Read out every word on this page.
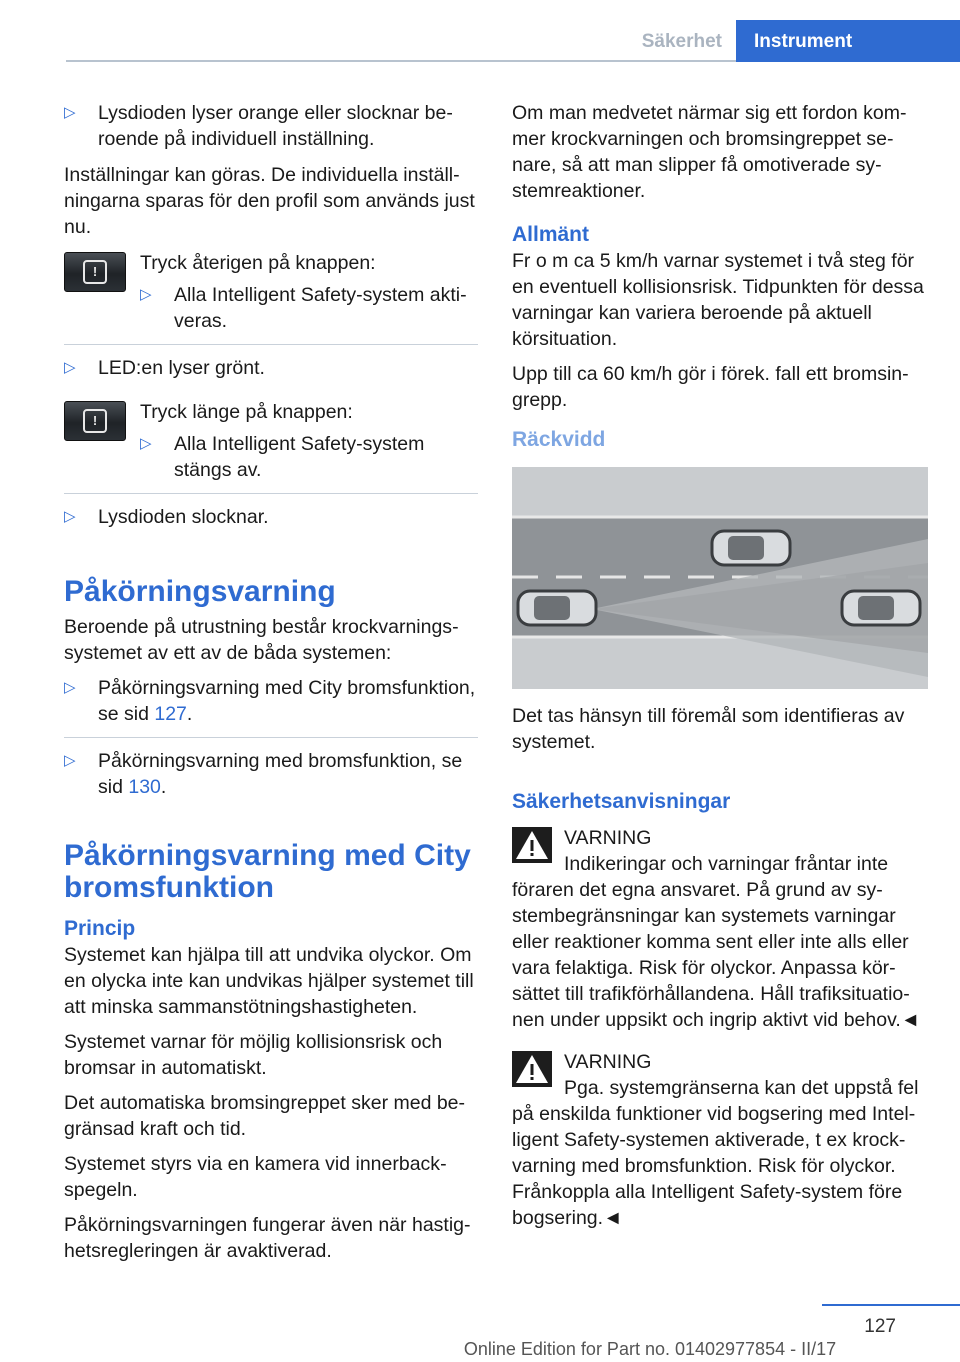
Säkerhet	Instrument
▷ Lysdioden lyser orange eller slocknar beroende på individuell inställning.

Inställningar kan göras. De individuella inställningarna sparas för den profil som används just nu.

!	Tryck återigen på knappen:

▷ Alla Intelligent Safety-system aktiveras.
▷ LED:en lyser grönt.
!	Tryck länge på knappen:

▷ Alla Intelligent Safety-system stängs av.
▷ Lysdioden slocknar.
Påkörningsvarning

Beroende på utrustning består krockvarningssystemet av ett av de båda systemen:

▷ Påkörningsvarning med City bromsfunktion, se sid 127.
▷ Påkörningsvarning med bromsfunktion, se sid 130.
Påkörningsvarning med City bromsfunktion
Princip

Systemet kan hjälpa till att undvika olyckor. Om en olycka inte kan undvikas hjälper systemet till att minska sammanstötningshastigheten.

Systemet varnar för möjlig kollisionsrisk och bromsar in automatiskt.

Det automatiska bromsingreppet sker med begränsad kraft och tid.

Systemet styrs via en kamera vid innerbackspegeln.

Påkörningsvarningen fungerar även när hastighetsregleringen är avaktiverad.

Om man medvetet närmar sig ett fordon kommer krockvarningen och bromsingreppet senare, så att man slipper få omotiverade systemreaktioner.

Allmänt

Fr o m ca 5 km/h varnar systemet i två steg för en eventuell kollisionsrisk. Tidpunkten för dessa varningar kan variera beroende på aktuell körsituation.

Upp till ca 60 km/h gör i förek. fall ett bromsingrepp.

Räckvidd

Det tas hänsyn till föremål som identifieras av systemet.

Säkerhetsanvisningar
VARNING
Indikeringar och varningar fråntar inte
föraren det egna ansvaret. På grund av systembegränsningar kan systemets varningar eller reaktioner komma sent eller inte alls eller vara felaktiga. Risk för olyckor. Anpassa körsättet till trafikförhållandena. Håll trafiksituationen under uppsikt och ingrip aktivt vid behov.◄
VARNING
Pga. systemgränserna kan det uppstå fel
på enskilda funktioner vid bogsering med Intelligent Safety-systemen aktiverade, t ex krockvarning med bromsfunktion. Risk för olyckor. Frånkoppla alla Intelligent Safety-system före bogsering.◄
127
Online Edition for Part no. 01402977854 - II/17
